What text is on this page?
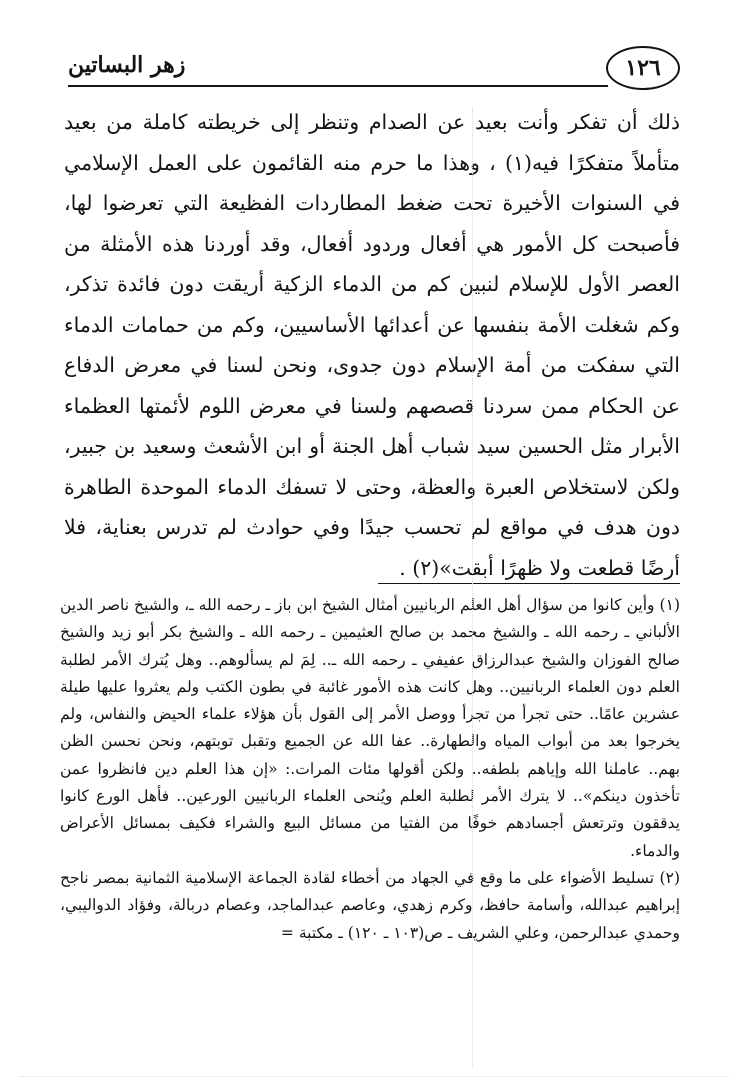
١٢٦
زهر البساتين

ذلك أن تفكر وأنت بعيد عن الصدام وتنظر إلى خريطته كاملة من بعيد متأملاً متفكرًا فيه(١) ، وهذا ما حرم منه القائمون على العمل الإسلامي في السنوات الأخيرة تحت ضغط المطاردات الفظيعة التي تعرضوا لها، فأصبحت كل الأمور هي أفعال وردود أفعال، وقد أوردنا هذه الأمثلة من العصر الأول للإسلام لنبين كم من الدماء الزكية أريقت دون فائدة تذكر، وكم شغلت الأمة بنفسها عن أعدائها الأساسيين، وكم من حمامات الدماء التي سفكت من أمة الإسلام دون جدوى، ونحن لسنا في معرض الدفاع عن الحكام ممن سردنا قصصهم ولسنا في معرض اللوم لأئمتها العظماء الأبرار مثل الحسين سيد شباب أهل الجنة أو ابن الأشعث وسعيد بن جبير، ولكن لاستخلاص العبرة والعظة، وحتى لا تسفك الدماء الموحدة الطاهرة دون هدف في مواقع لم تحسب جيدًا وفي حوادث لم تدرس بعناية، فلا أرضًا قطعت ولا ظهرًا أبقت»(٢) .

(١) وأين كانوا من سؤال أهل العلم الربانيين أمثال الشيخ ابن باز ـ رحمه الله ـ، والشيخ ناصر الدين الألباني ـ رحمه الله ـ والشيخ محمد بن صالح العثيمين ـ رحمه الله ـ والشيخ بكر أبو زيد والشيخ صالح الفوزان والشيخ عبدالرزاق عفيفي ـ رحمه الله ـ.. لِمَ لم يسألوهم.. وهل يُترك الأمر لطلبة العلم دون العلماء الربانيين.. وهل كانت هذه الأمور غائبة في بطون الكتب ولم يعثروا عليها طيلة عشرين عامًا.. حتى تجرأ من تجرأ ووصل الأمر إلى القول بأن هؤلاء علماء الحيض والنفاس، ولم يخرجوا بعد من أبواب المياه والطهارة.. عفا الله عن الجميع وتقبل توبتهم، ونحن نحسن الظن بهم.. عاملنا الله وإياهم بلطفه.. ولكن أقولها مئات المرات.: «إن هذا العلم دين فانظروا عمن تأخذون دينكم».. لا يترك الأمر لطلبة العلم ويُنحى العلماء الربانيين الورعين.. فأهل الورع كانوا يدققون وترتعش أجسادهم خوفًا من الفتيا من مسائل البيع والشراء فكيف بمسائل الأعراض والدماء.

(٢) تسليط الأضواء على ما وقع في الجهاد من أخطاء لقادة الجماعة الإسلامية الثمانية بمصر ناجح إبراهيم عبدالله، وأسامة حافظ، وكرم زهدي، وعاصم عبدالماجد، وعصام دربالة، وفؤاد الدواليبي، وحمدي عبدالرحمن، وعلي الشريف ـ ص(١٠٣ ـ ١٢٠) ـ مكتبة =
